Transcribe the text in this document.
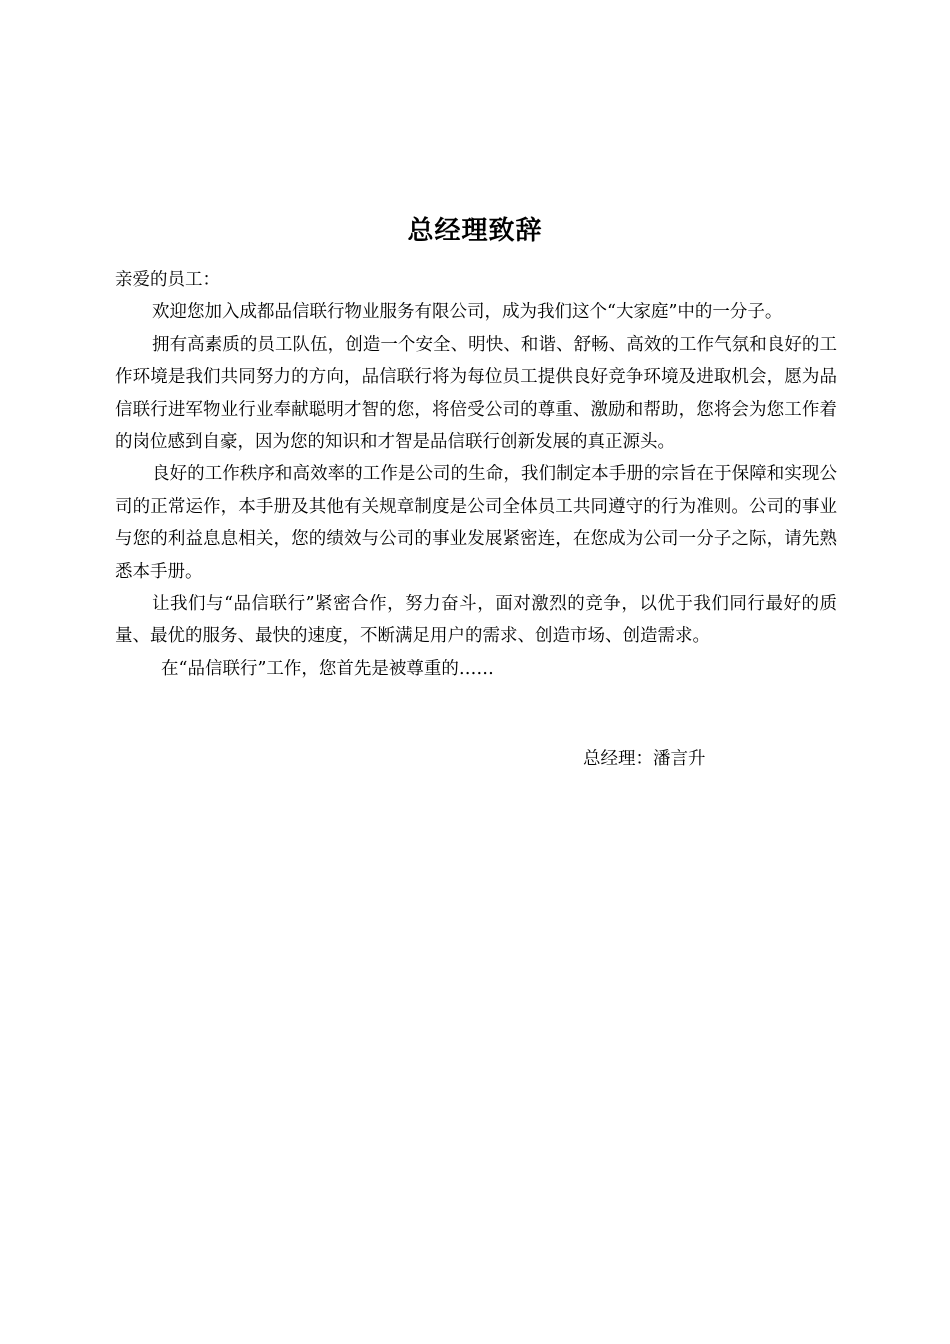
总经理致辞

亲爱的员工：

欢迎您加入成都品信联行物业服务有限公司，成为我们这个“大家庭”中的一分子。

拥有高素质的员工队伍，创造一个安全、明快、和谐、舒畅、高效的工作气氛和良好的工作环境是我们共同努力的方向，品信联行将为每位员工提供良好竞争环境及进取机会，愿为品信联行进军物业行业奉献聪明才智的您，将倍受公司的尊重、激励和帮助，您将会为您工作着的岗位感到自豪，因为您的知识和才智是品信联行创新发展的真正源头。

良好的工作秩序和高效率的工作是公司的生命，我们制定本手册的宗旨在于保障和实现公司的正常运作，本手册及其他有关规章制度是公司全体员工共同遵守的行为准则。公司的事业与您的利益息息相关，您的绩效与公司的事业发展紧密连，在您成为公司一分子之际，请先熟悉本手册。

让我们与“品信联行”紧密合作，努力奋斗，面对激烈的竞争，以优于我们同行最好的质量、最优的服务、最快的速度，不断满足用户的需求、创造市场、创造需求。

在“品信联行”工作，您首先是被尊重的……

总经理：潘言升
